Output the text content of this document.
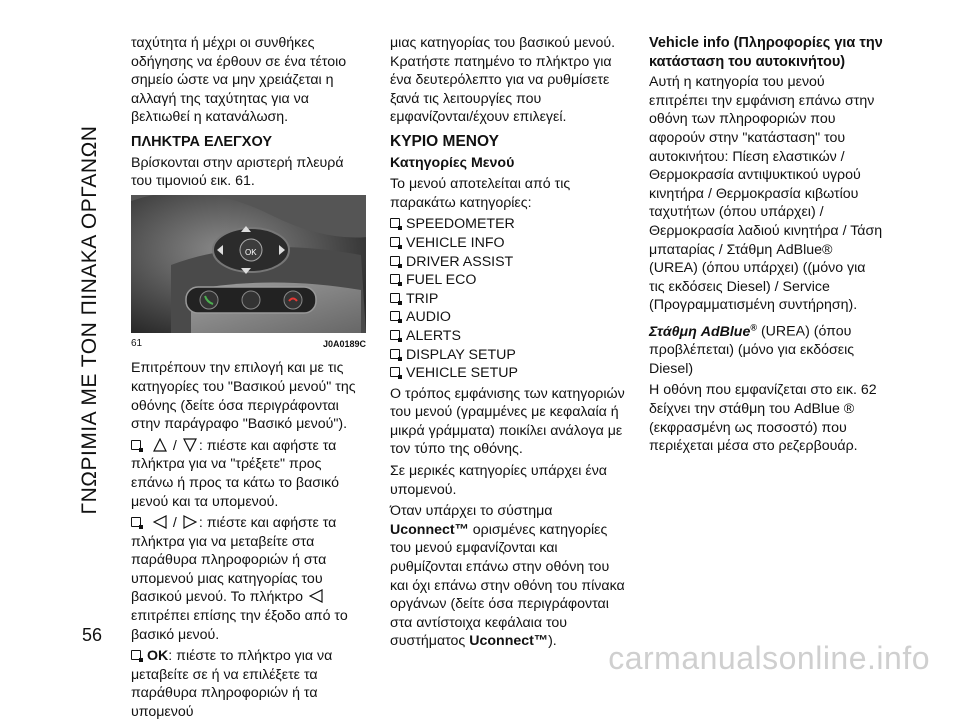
ΓΝΩΡΙΜΙΑ ΜΕ ΤΟΝ ΠΙΝΑΚΑ ΟΡΓΑΝΩΝ

ταχύτητα ή μέχρι οι συνθήκες οδήγησης να έρθουν σε ένα τέτοιο σημείο ώστε να μην χρειάζεται η αλλαγή της ταχύτητας για να βελτιωθεί η κατανάλωση.

ΠΛΗΚΤΡΑ ΕΛΕΓΧΟΥ

Βρίσκονται στην αριστερή πλευρά του τιμονιού εικ. 61.

OK
61	J0A0189C

Επιτρέπουν την επιλογή και με τις κατηγορίες του "Βασικού μενού" της οθόνης (δείτε όσα περιγράφονται στην παράγραφο "Βασικό μενού").

/ : πιέστε και αφήστε τα πλήκτρα για να "τρέξετε" προς επάνω ή προς τα κάτω το βασικό μενού και τα υπομενού.

/ : πιέστε και αφήστε τα πλήκτρα για να μεταβείτε στα παράθυρα πληροφοριών ή στα υπομενού μιας κατηγορίας του βασικού μενού. Το πλήκτρο  επιτρέπει επίσης την έξοδο από το βασικό μενού.

OK: πιέστε το πλήκτρο για να μεταβείτε σε ή να επιλέξετε τα παράθυρα πληροφοριών ή τα υπομενού

μιας κατηγορίας του βασικού μενού. Κρατήστε πατημένο το πλήκτρο για ένα δευτερόλεπτο για να ρυθμίσετε ξανά τις λειτουργίες που εμφανίζονται/έχουν επιλεγεί.

ΚΥΡΙΟ ΜΕΝΟΥ

Κατηγορίες Μενού

Το μενού αποτελείται από τις παρακάτω κατηγορίες:

SPEEDOMETER
VEHICLE INFO
DRIVER ASSIST
FUEL ECO
TRIP
AUDIO
ALERTS
DISPLAY SETUP
VEHICLE SETUP

Ο τρόπος εμφάνισης των κατηγοριών του μενού (γραμμένες με κεφαλαία ή μικρά γράμματα) ποικίλει ανάλογα με τον τύπο της οθόνης.

Σε μερικές κατηγορίες υπάρχει ένα υπομενού.

Όταν υπάρχει το σύστημα Uconnect™ ορισμένες κατηγορίες του μενού εμφανίζονται και ρυθμίζονται επάνω στην οθόνη του και όχι επάνω στην οθόνη του πίνακα οργάνων (δείτε όσα περιγράφονται στα αντίστοιχα κεφάλαια του συστήματος Uconnect™).

Vehicle info (Πληροφορίες για την κατάσταση του αυτοκινήτου)

Αυτή η κατηγορία του μενού επιτρέπει την εμφάνιση επάνω στην οθόνη των πληροφοριών που αφορούν στην "κατάσταση" του αυτοκινήτου: Πίεση ελαστικών / Θερμοκρασία αντιψυκτικού υγρού κινητήρα / Θερμοκρασία κιβωτίου ταχυτήτων (όπου υπάρχει) / Θερμοκρασία λαδιού κινητήρα / Τάση μπαταρίας / Στάθμη AdBlue® (UREA) (όπου υπάρχει) ((μόνο για τις εκδόσεις Diesel) / Service (Προγραμματισμένη συντήρηση).

Στάθμη AdBlue® (UREA) (όπου προβλέπεται) (μόνο για εκδόσεις Diesel)

Η οθόνη που εμφανίζεται στο εικ. 62 δείχνει την στάθμη του AdBlue ® (εκφρασμένη ως ποσοστό) που περιέχεται μέσα στο ρεζερβουάρ.

56
carmanualsonline.info
